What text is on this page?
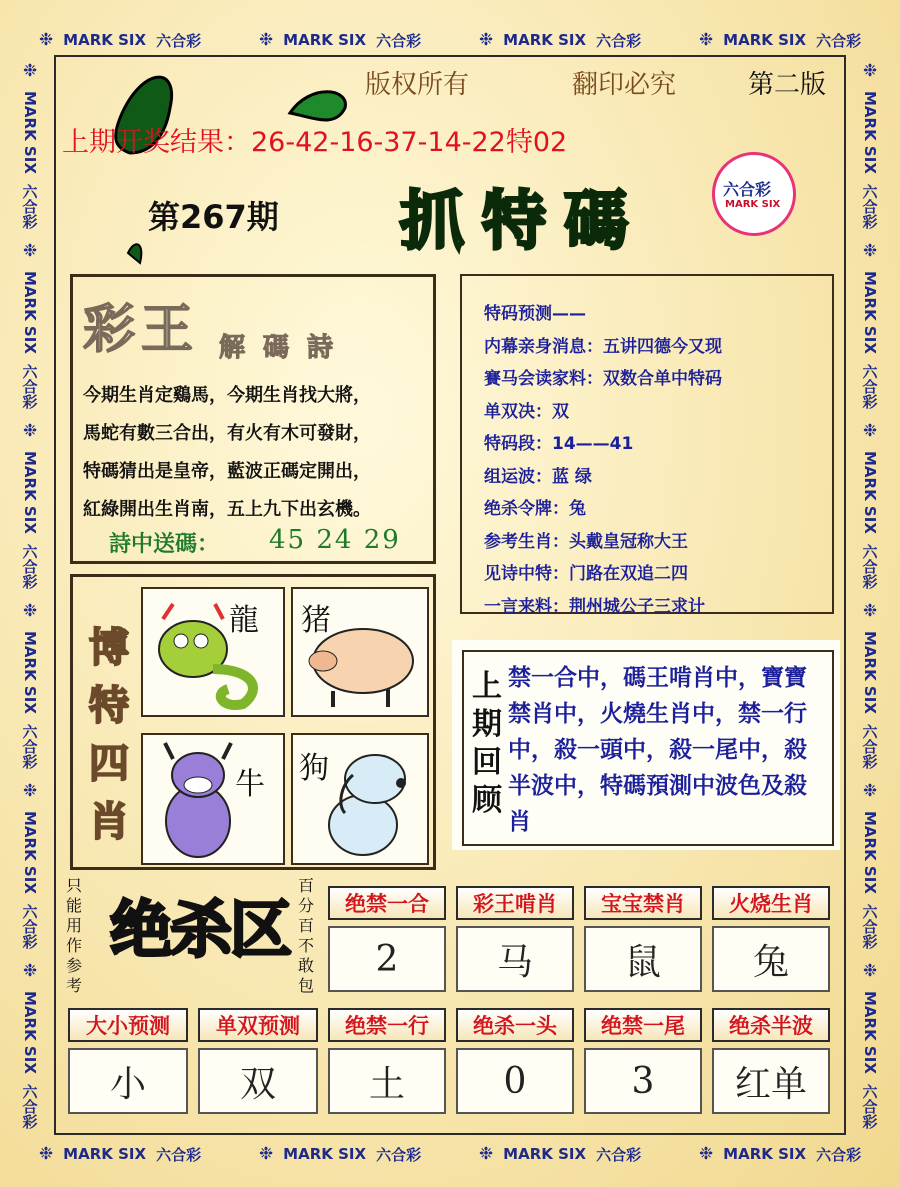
❉ MARK SIX 六合彩	❉ MARK SIX 六合彩	❉ MARK SIX 六合彩	❉ MARK SIX 六合彩
❉ MARK SIX 六合彩	❉ MARK SIX 六合彩	❉ MARK SIX 六合彩	❉ MARK SIX 六合彩
❉
MARK SIX
六合彩
❉
MARK SIX
六合彩
❉
MARK SIX
六合彩
❉
MARK SIX
六合彩
❉
MARK SIX
六合彩
❉
MARK SIX
六合彩
❉
MARK SIX
六合彩
❉
MARK SIX
六合彩
❉
MARK SIX
六合彩
❉
MARK SIX
六合彩
❉
MARK SIX
六合彩
❉
MARK SIX
六合彩
版权所有	翻印必究	第二版
上期开奖结果：26-42-16-37-14-22特02
第267期 抓特碼	六合彩
MARK SIX
彩王 解碼詩
今期生肖定鷄馬，今期生肖找大將，
馬蛇有數三合出，有火有木可發財，
特碼猜出是皇帝，藍波正碼定開出，
紅綠開出生肖南，五上九下出玄機。
詩中送碼： 45 24 29
特码预测——
内幕亲身消息：五讲四德今又现
賽马会读家料：双数合单中特码
单双决：双
特码段：14——41
组运波：蓝 绿
绝杀令牌：兔
参考生肖：头戴皇冠称大王
见诗中特：门路在双追二四
一言来料：荆州城公子三求计
博特四肖
龍 猪
牛 狗
上期回顾
禁一合中，碼王啃肖中，寶寶禁肖中，火燒生肖中，禁一行中，殺一頭中，殺一尾中，殺半波中，特碼預測中波色及殺肖
只能用作参考
绝杀区
百分百不敢包
绝禁一合	彩王啃肖	宝宝禁肖	火烧生肖
2	马	鼠	兔
大小预测	单双预测	绝禁一行	绝杀一头	绝禁一尾	绝杀半波
小	双	土	0	3	红单
